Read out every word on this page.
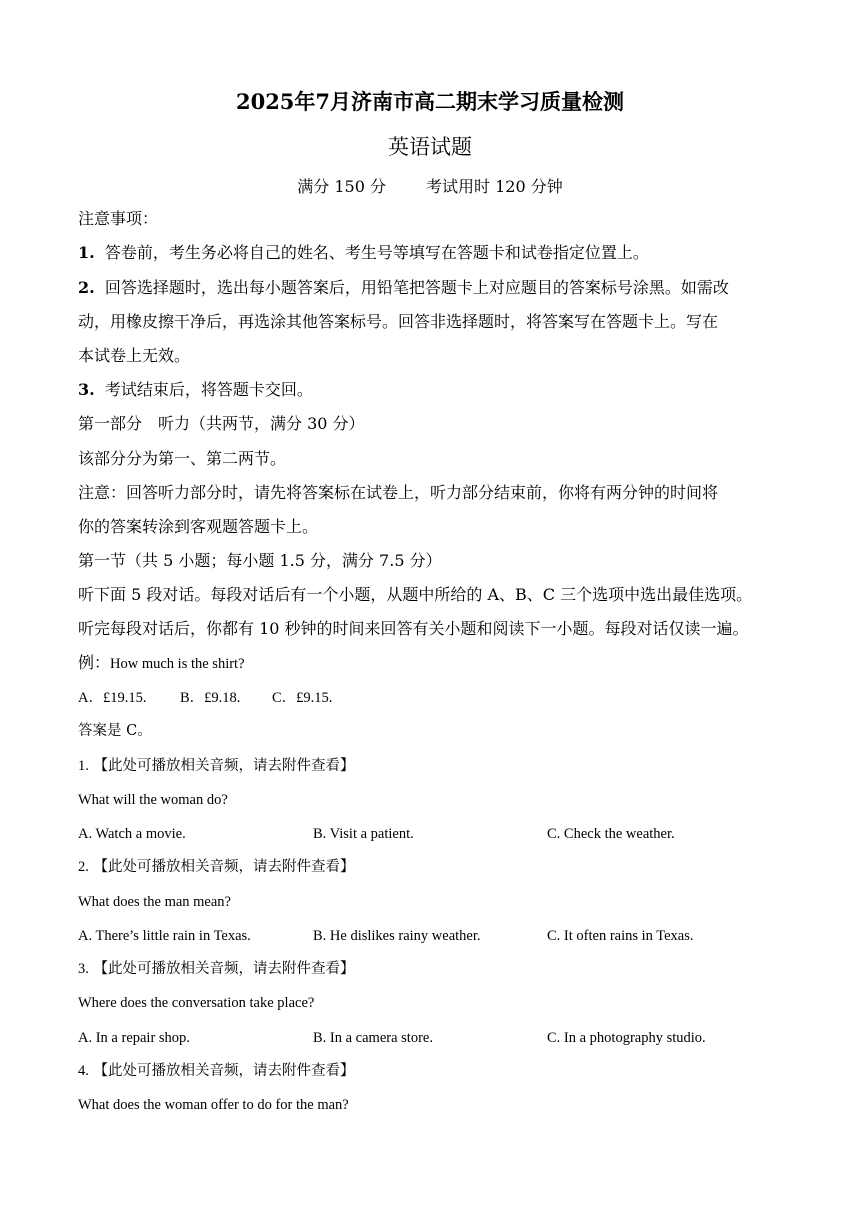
2025年7月济南市高二期末学习质量检测
英语试题
满分 150 分	考试用时 120 分钟
注意事项：
1. 答卷前，考生务必将自己的姓名、考生号等填写在答题卡和试卷指定位置上。
2. 回答选择题时，选出每小题答案后，用铅笔把答题卡上对应题目的答案标号涂黑。如需改
动，用橡皮擦干净后，再选涂其他答案标号。回答非选择题时，将答案写在答题卡上。写在
本试卷上无效。
3. 考试结束后，将答题卡交回。
第一部分　听力（共两节，满分 30 分）
该部分分为第一、第二两节。
注意：回答听力部分时，请先将答案标在试卷上，听力部分结束前，你将有两分钟的时间将
你的答案转涂到客观题答题卡上。
第一节（共 5 小题；每小题 1.5 分，满分 7.5 分）
听下面 5 段对话。每段对话后有一个小题，从题中所给的 A、B、C 三个选项中选出最佳选项。
听完每段对话后，你都有 10 秒钟的时间来回答有关小题和阅读下一小题。每段对话仅读一遍。
例：How much is the shirt?
A．£19.15. B．£9.18. C．£9.15.
答案是 C。
1. 【此处可播放相关音频，请去附件查看】
What will the woman do?
A. Watch a movie.	B. Visit a patient.	C. Check the weather.
2. 【此处可播放相关音频，请去附件查看】
What does the man mean?
A. There’s little rain in Texas.	B. He dislikes rainy weather.	C. It often rains in Texas.
3. 【此处可播放相关音频，请去附件查看】
Where does the conversation take place?
A. In a repair shop.	B. In a camera store.	C. In a photography studio.
4. 【此处可播放相关音频，请去附件查看】
What does the woman offer to do for the man?
